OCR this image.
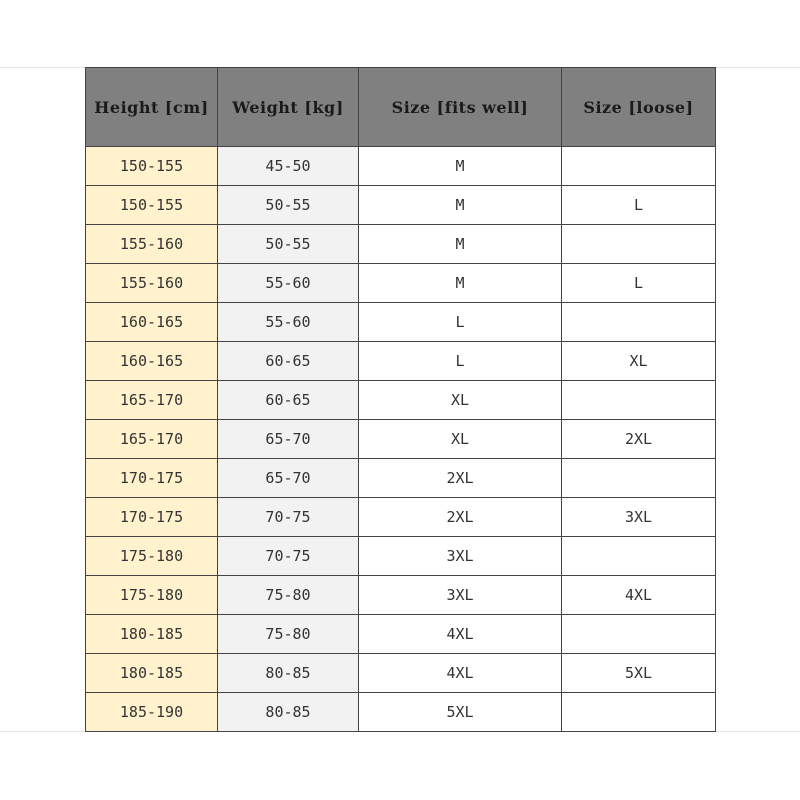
Height [cm]	Weight [kg]	Size [fits well]	Size [loose]
150-155	45-50	M	
150-155	50-55	M	L
155-160	50-55	M	
155-160	55-60	M	L
160-165	55-60	L	
160-165	60-65	L	XL
165-170	60-65	XL	
165-170	65-70	XL	2XL
170-175	65-70	2XL	
170-175	70-75	2XL	3XL
175-180	70-75	3XL	
175-180	75-80	3XL	4XL
180-185	75-80	4XL	
180-185	80-85	4XL	5XL
185-190	80-85	5XL	
